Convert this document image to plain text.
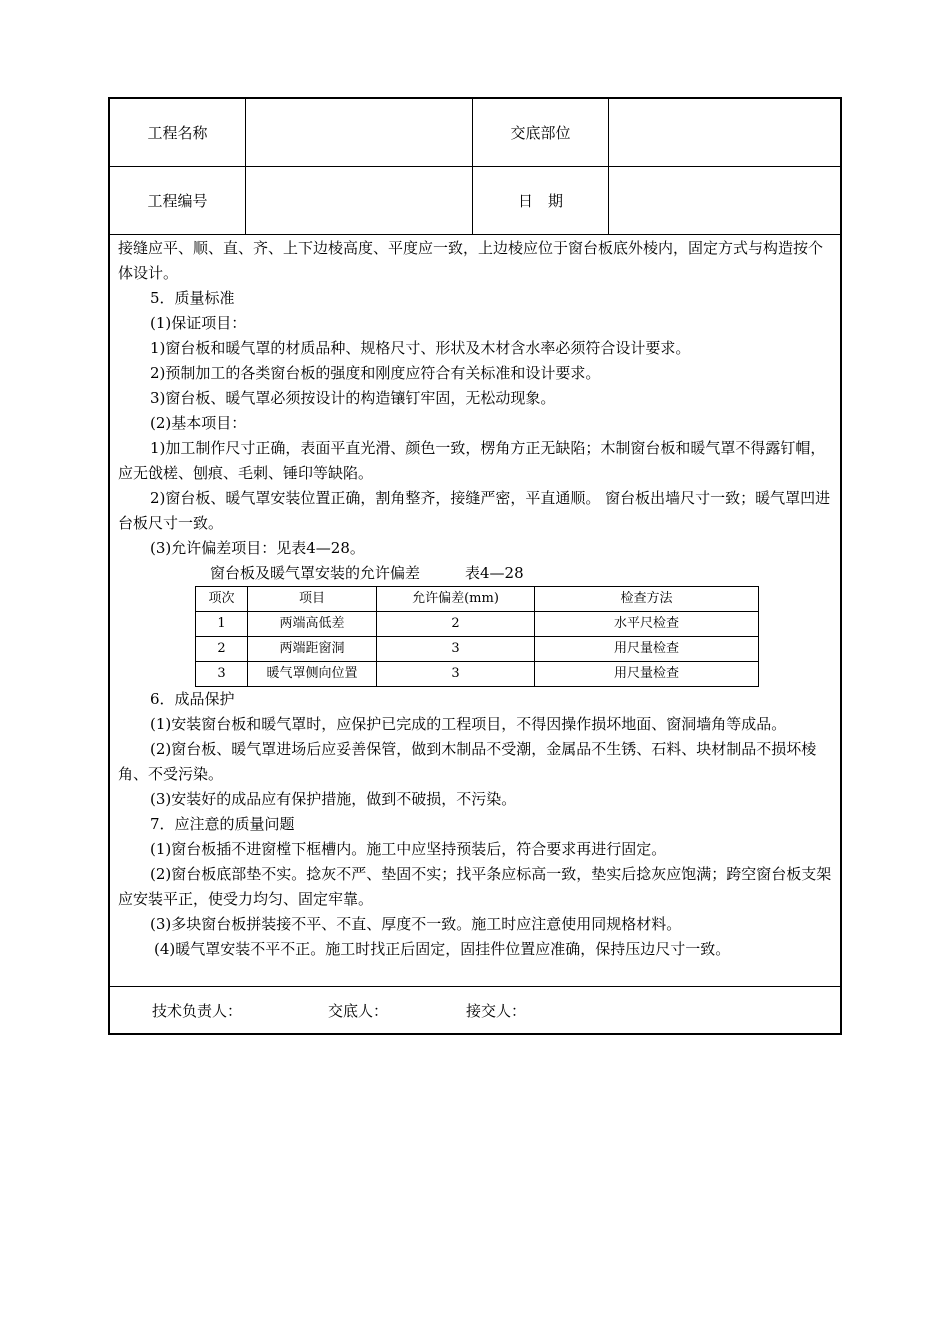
工程名称	交底部位
工程编号	日　期

接缝应平、顺、直、齐、上下边棱高度、平度应一致，上边棱应位于窗台板底外棱内，固定方式与构造按个体设计。

5．质量标准

(1)保证项目：

1)窗台板和暖气罩的材质品种、规格尺寸、形状及木材含水率必须符合设计要求。

2)预制加工的各类窗台板的强度和刚度应符合有关标准和设计要求。

3)窗台板、暖气罩必须按设计的构造镶钉牢固，无松动现象。

(2)基本项目：

1)加工制作尺寸正确，表面平直光滑、颜色一致，楞角方正无缺陷；木制窗台板和暖气罩不得露钉帽，应无戗槎、刨痕、毛刺、锤印等缺陷。

2)窗台板、暖气罩安装位置正确，割角整齐，接缝严密，平直通顺。 窗台板出墙尺寸一致；暖气罩凹进台板尺寸一致。

(3)允许偏差项目：见表4—28。

窗台板及暖气罩安装的允许偏差　　　表4—28

项次	项目	允许偏差(mm)	检查方法
1	两端高低差	2	水平尺检查
2	两端距窗洞	3	用尺量检查
3	暖气罩侧向位置	3	用尺量检查

6．成品保护

(1)安装窗台板和暖气罩时，应保护已完成的工程项目，不得因操作损坏地面、窗洞墙角等成品。

(2)窗台板、暖气罩进场后应妥善保管，做到木制品不受潮，金属品不生锈、石料、块材制品不损坏棱角、不受污染。

(3)安装好的成品应有保护措施，做到不破损，不污染。

7．应注意的质量问题

(1)窗台板插不进窗樘下框槽内。施工中应坚持预装后，符合要求再进行固定。

(2)窗台板底部垫不实。捻灰不严、垫固不实；找平条应标高一致，垫实后捻灰应饱满；跨空窗台板支架应安装平正，使受力均匀、固定牢靠。

(3)多块窗台板拼装接不平、不直、厚度不一致。施工时应注意使用同规格材料。

(4)暖气罩安装不平不正。施工时找正后固定，固挂件位置应准确，保持压边尺寸一致。

技术负责人：	交底人：	接交人：
